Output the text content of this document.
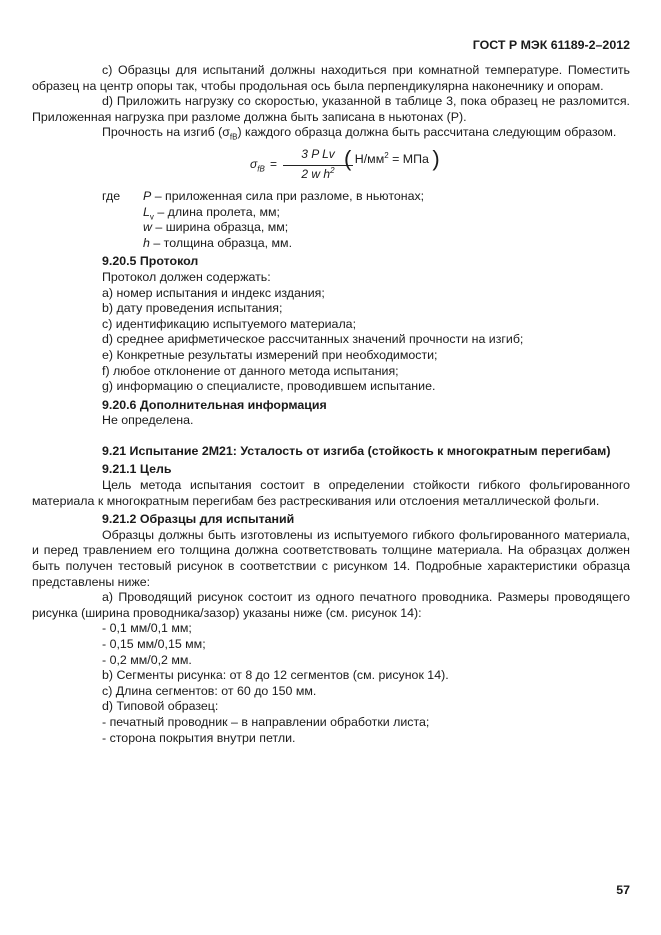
ГОСТ Р МЭК 61189-2–2012

c) Образцы для испытаний должны находиться при комнатной температуре. Поместить образец на центр опоры так, чтобы продольная ось была перпендикулярна наконечнику и опорам.

d) Приложить нагрузку со скоростью, указанной в таблице 3, пока образец не разломится. Приложенная нагрузка при разломе должна быть записана в ньютонах (P).

Прочность на изгиб $(\sigma_{fB})$ каждого образца должна быть рассчитана следующим образом.

$\sigma_{fB} = \frac{\text{3 P Lv}}{2 w h^2}$
( $Н/мм^2$ = МПа )
где	P – приложенная сила при разломе, в ньютонах;

$L_v$ – длина пролета, мм;

w – ширина образца, мм;

h – толщина образца, мм.

9.20.5 Протокол

Протокол должен содержать:

a) номер испытания и индекс издания;

b) дату проведения испытания;

c) идентификацию испытуемого материала;

d) среднее арифметическое рассчитанных значений прочности на изгиб;

e) Конкретные результаты измерений при необходимости;

f) любое отклонение от данного метода испытания;

g) информацию о специалисте, проводившем испытание.

9.20.6 Дополнительная информация

Не определена.

9.21 Испытание 2М21: Усталость от изгиба (стойкость к многократным перегибам)

9.21.1 Цель

Цель метода испытания состоит в определении стойкости гибкого фольгированного материала к многократным перегибам без растрескивания или отслоения металлической фольги.

9.21.2 Образцы для испытаний

Образцы должны быть изготовлены из испытуемого гибкого фольгированного материала, и перед травлением его толщина должна соответствовать толщине материала. На образцах должен быть получен тестовый рисунок в соответствии с рисунком 14. Подробные характеристики образца представлены ниже:

a) Проводящий рисунок состоит из одного печатного проводника. Размеры проводящего рисунка (ширина проводника/зазор) указаны ниже (см. рисунок 14):

- 0,1 мм/0,1 мм;

- 0,15 мм/0,15 мм;

- 0,2 мм/0,2 мм.

b) Сегменты рисунка: от 8 до 12 сегментов (см. рисунок 14).

c) Длина сегментов: от 60 до 150 мм.

d) Типовой образец:

- печатный проводник – в направлении обработки листа;

- сторона покрытия внутри петли.

57
